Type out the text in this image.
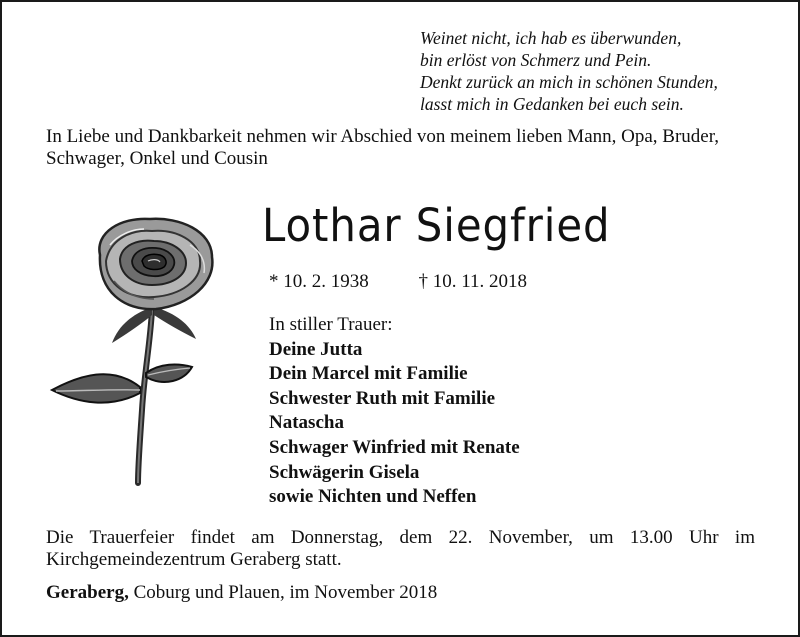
Weinet nicht, ich hab es überwunden,
bin erlöst von Schmerz und Pein.
Denkt zurück an mich in schönen Stunden,
lasst mich in Gedanken bei euch sein.
In Liebe und Dankbarkeit nehmen wir Abschied von meinem lieben Mann, Opa, Bruder, Schwager, Onkel und Cousin
Lothar Siegfried
* 10. 2. 1938	† 10. 11. 2018
In stiller Trauer:
Deine Jutta
Dein Marcel mit Familie
Schwester Ruth mit Familie
Natascha
Schwager Winfried mit Renate
Schwägerin Gisela
sowie Nichten und Neffen
Die Trauerfeier findet am Donnerstag, dem 22. November, um 13.00 Uhr im Kirchgemeindezentrum Geraberg statt.
Geraberg, Coburg und Plauen, im November 2018
